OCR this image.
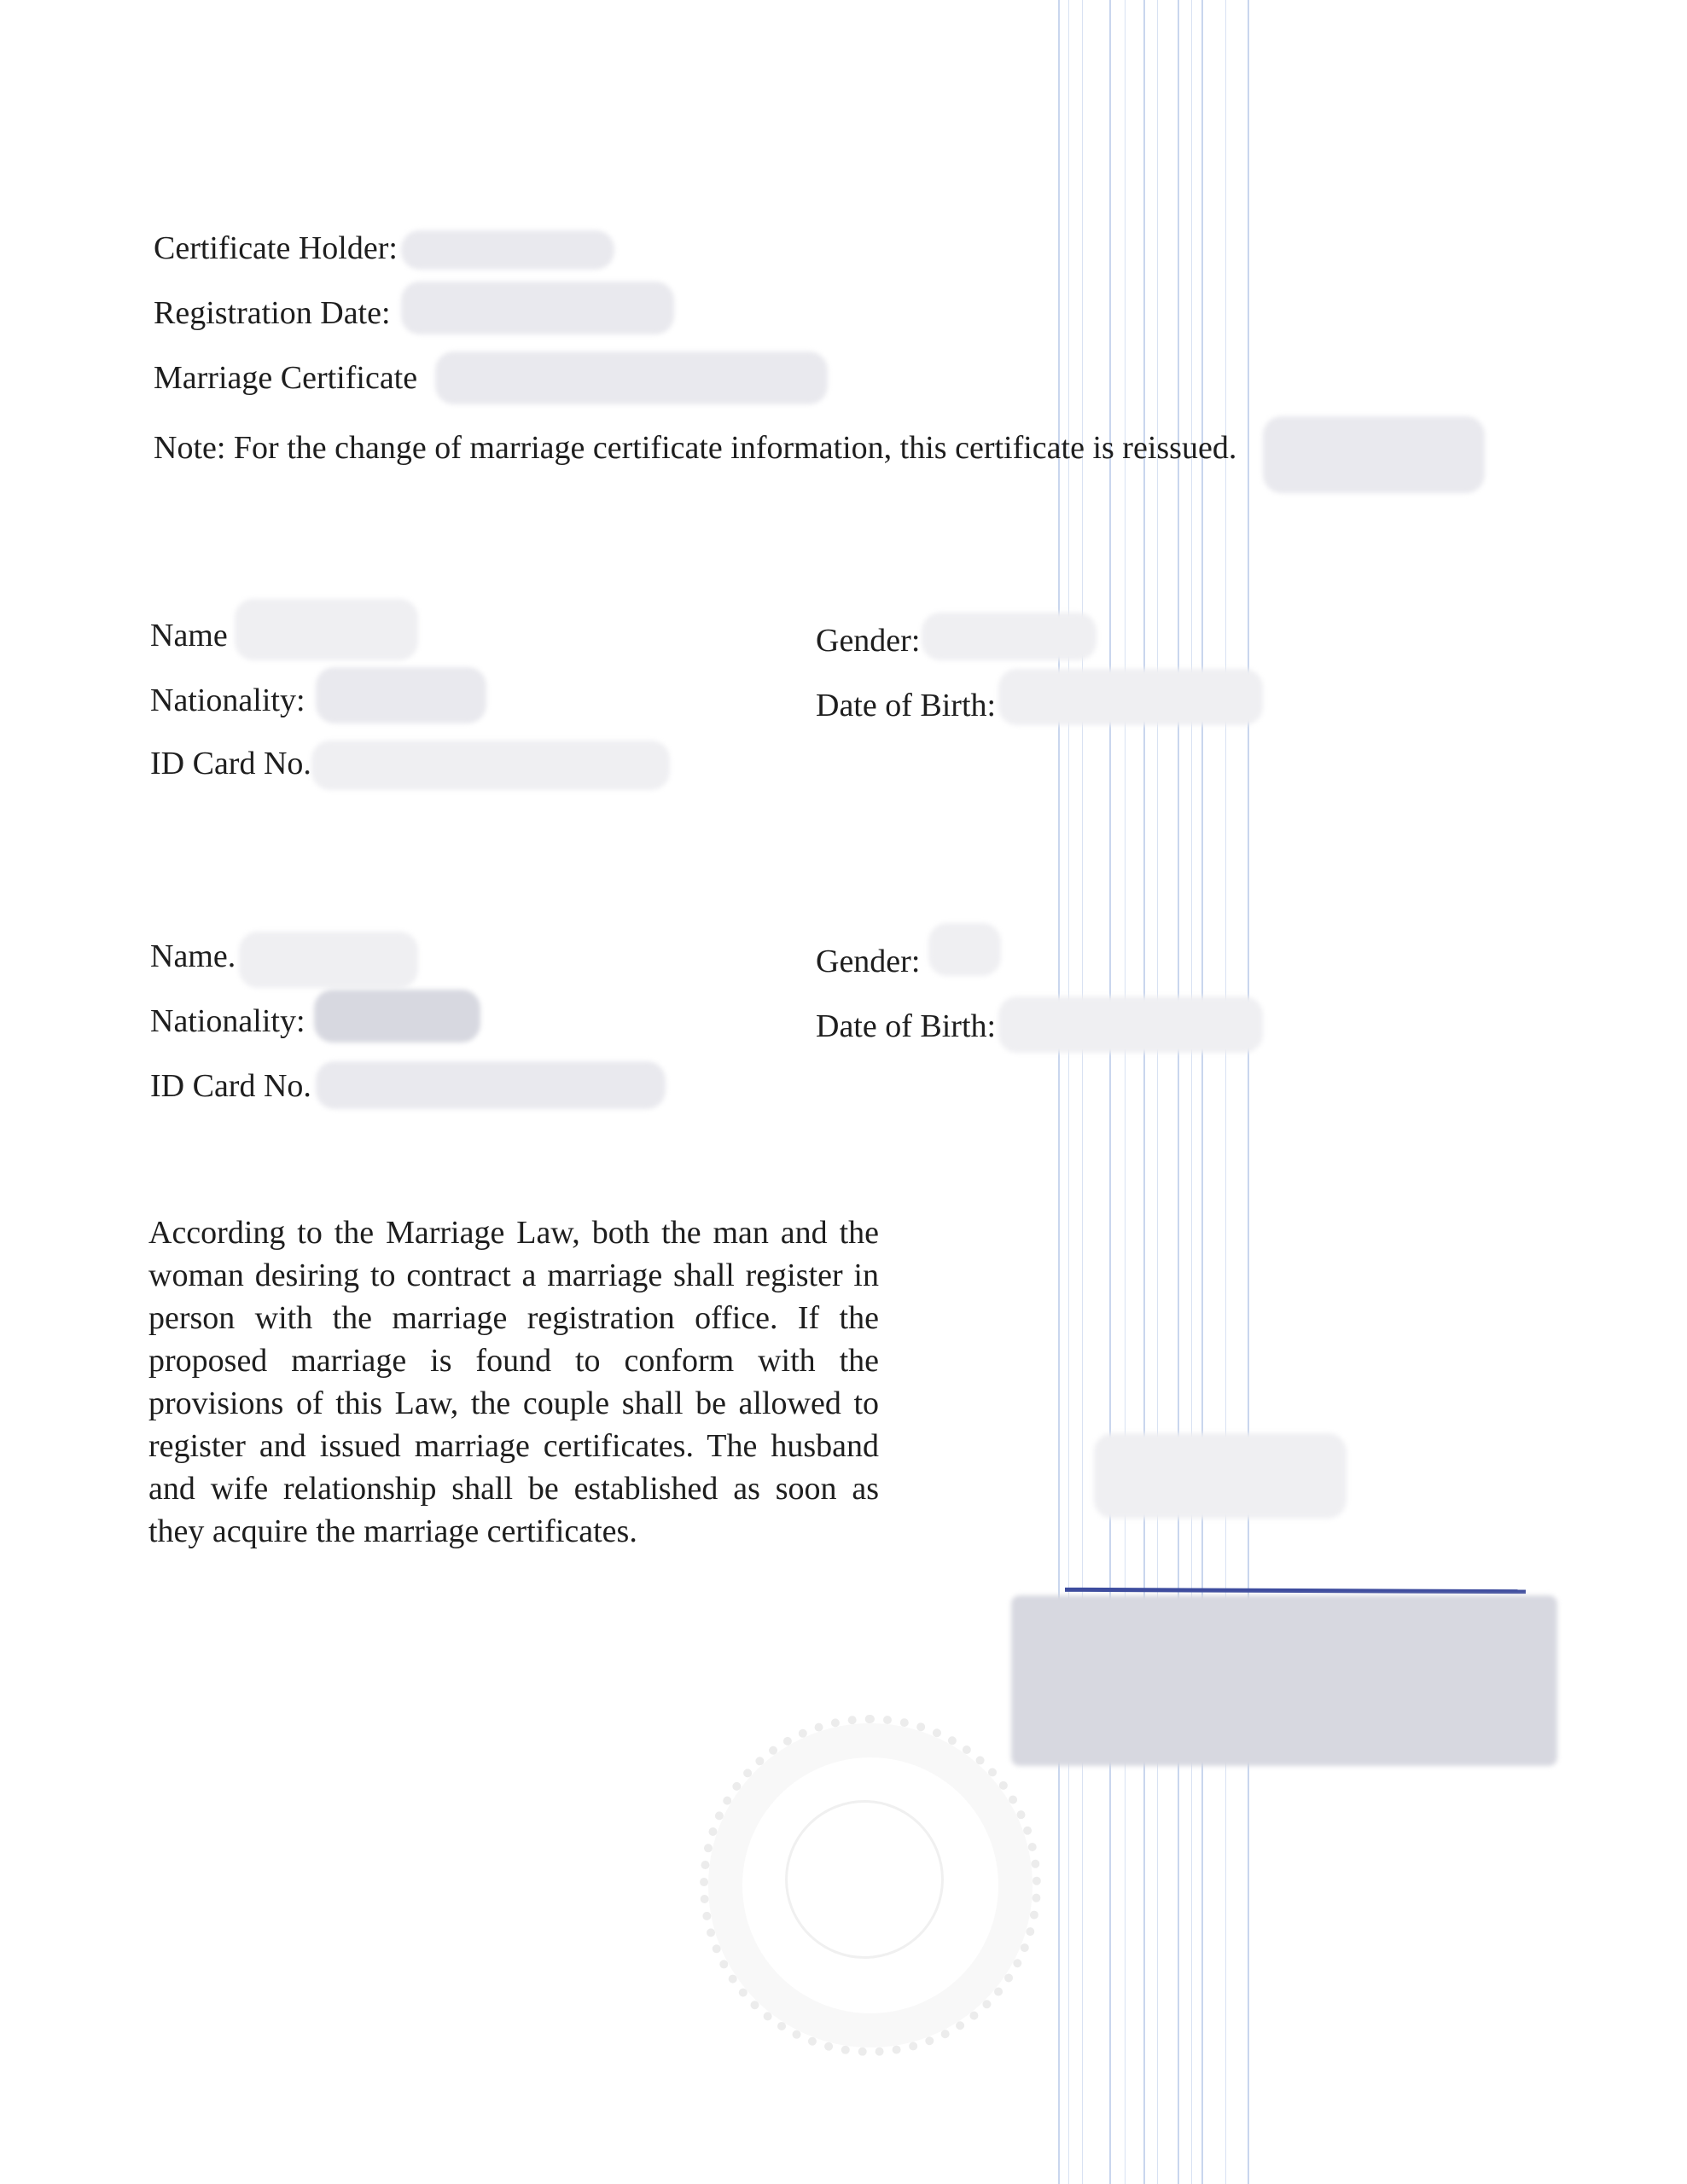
Certificate Holder:
Registration Date:
Marriage Certificate
Note: For the change of marriage certificate information, this certificate is reissued.
Name	Gender:
Nationality:	Date of Birth:
ID Card No.
Name.	Gender:
Nationality:	Date of Birth:
ID Card No.
According to the Marriage Law, both the man and the
woman desiring to contract a marriage shall register in
person with the marriage registration office. If the
proposed marriage is found to conform with the
provisions of this Law, the couple shall be allowed to
register and issued marriage certificates. The husband
and wife relationship shall be established as soon as
they acquire the marriage certificates.
